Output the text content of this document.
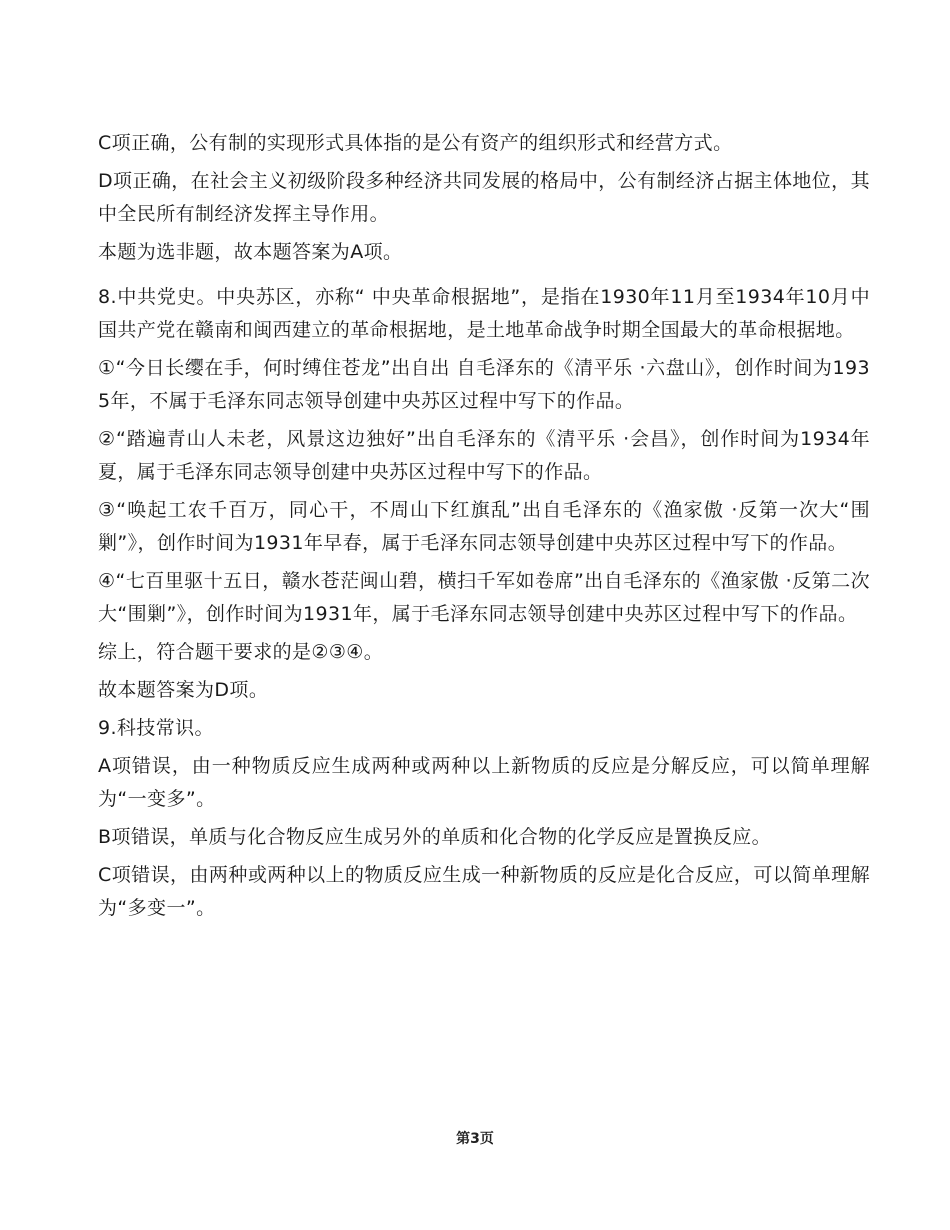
C项正确，公有制的实现形式具体指的是公有资产的组织形式和经营方式。

D项正确，在社会主义初级阶段多种经济共同发展的格局中，公有制经济占据主体地位，其中全民所有制经济发挥主导作用。

本题为选非题，故本题答案为A项。

8.中共党史。中央苏区，亦称“ 中央革命根据地”，是指在1930年11月至1934年10月中国共产党在赣南和闽西建立的革命根据地，是土地革命战争时期全国最大的革命根据地。

①“今日长缨在手，何时缚住苍龙”出自出 自毛泽东的《清平乐 ·六盘山》，创作时间为1935年，不属于毛泽东同志领导创建中央苏区过程中写下的作品。

②“踏遍青山人未老，风景这边独好”出自毛泽东的《清平乐 ·会昌》，创作时间为1934年夏，属于毛泽东同志领导创建中央苏区过程中写下的作品。

③“唤起工农千百万，同心干，不周山下红旗乱”出自毛泽东的《渔家傲 ·反第一次大“围剿”》，创作时间为1931年早春，属于毛泽东同志领导创建中央苏区过程中写下的作品。

④“七百里驱十五日，赣水苍茫闽山碧，横扫千军如卷席”出自毛泽东的《渔家傲 ·反第二次大“围剿”》，创作时间为1931年，属于毛泽东同志领导创建中央苏区过程中写下的作品。

综上，符合题干要求的是②③④。

故本题答案为D项。

9.科技常识。

A项错误，由一种物质反应生成两种或两种以上新物质的反应是分解反应，可以简单理解为“一变多”。

B项错误，单质与化合物反应生成另外的单质和化合物的化学反应是置换反应。

C项错误，由两种或两种以上的物质反应生成一种新物质的反应是化合反应，可以简单理解为“多变一”。

第3页
